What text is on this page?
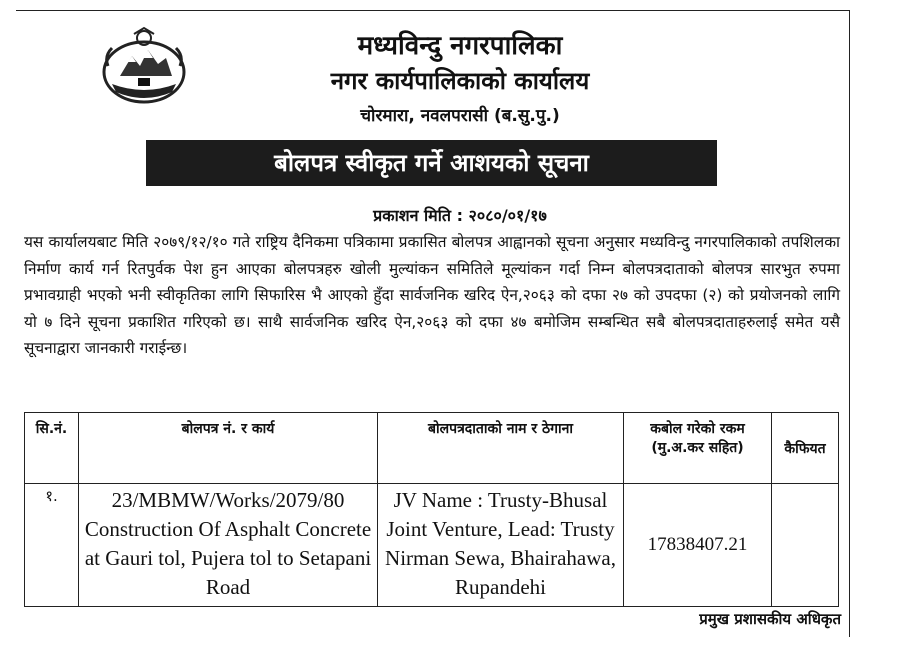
मध्यविन्दु नगरपालिका
नगर कार्यपालिकाको कार्यालय
चोरमारा, नवलपरासी (ब.सु.पु.)
बोलपत्र स्वीकृत गर्ने आशयको सूचना
प्रकाशन मिति : २०८०/०१/१७
यस कार्यालयबाट मिति २०७९/१२/१० गते राष्ट्रिय दैनिकमा पत्रिकामा प्रकासित बोलपत्र आह्वानको सूचना अनुसार मध्यविन्दु नगरपालिकाको तपशिलका निर्माण कार्य गर्न रितपुर्वक पेश हुन आएका बोलपत्रहरु खोली मुल्यांकन समितिले मूल्यांकन गर्दा निम्न बोलपत्रदाताको बोलपत्र सारभुत रुपमा प्रभावग्राही भएको भनी स्वीकृतिका लागि सिफारिस भै आएको हुँदा सार्वजनिक खरिद ऐन,२०६३ को दफा २७ को उपदफा (२) को प्रयोजनको लागि यो ७ दिने सूचना प्रकाशित गरिएको छ। साथै सार्वजनिक खरिद ऐन,२०६३ को दफा ४७ बमोजिम सम्बन्धित सबै बोलपत्रदाताहरुलाई समेत यसै सूचनाद्वारा जानकारी गराईन्छ।
सि.नं.	बोलपत्र नं. र कार्य	बोलपत्रदाताको नाम र ठेगाना	कबोल गरेको रकम (मु.अ.कर सहित)	कैफियत
१.	23/MBMW/Works/2079/80 Construction Of Asphalt Concrete at Gauri tol, Pujera tol to Setapani Road	JV Name : Trusty-Bhusal Joint Venture, Lead: Trusty Nirman Sewa, Bhairahawa, Rupandehi	17838407.21	
प्रमुख प्रशासकीय अधिकृत
